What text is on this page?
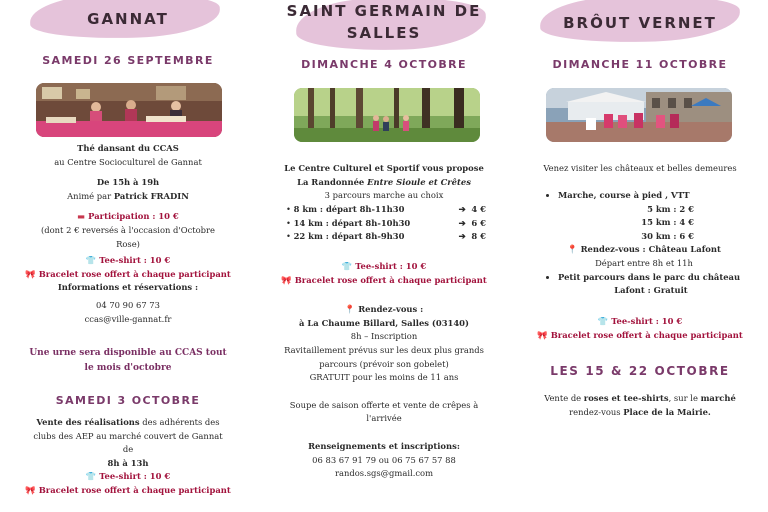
GANNAT
SAMEDI 26 SEPTEMBRE
Thé dansant du CCAS
au Centre Socioculturel de Gannat
De 15h à 19h
Animé par Patrick FRADIN
▬ Participation : 10 €
(dont 2 € reversés à l'occasion d'Octobre Rose)
👕 Tee-shirt : 10 €
🎀 Bracelet rose offert à chaque participant
Informations et réservations :
04 70 90 67 73
ccas@ville-gannat.fr
Une urne sera disponible au CCAS tout le mois d'octobre
SAMEDI 3 OCTOBRE
Vente des réalisations des adhérents des
clubs des AEP au marché couvert de Gannat
de
8h à 13h
👕 Tee-shirt : 10 €
🎀 Bracelet rose offert à chaque participant
SAINT GERMAIN DE
SALLES
DIMANCHE 4 OCTOBRE
Le Centre Culturel et Sportif vous propose
La Randonnée Entre Sioule et Crêtes
3 parcours marche au choix
• 8 km : départ 8h-11h30	➔  4 €
• 14 km : départ 8h-10h30	➔  6 €
• 22 km : départ 8h-9h30	➔  8 €
👕 Tee-shirt : 10 €
🎀 Bracelet rose offert à chaque participant
📍 Rendez-vous :
à La Chaume Billard, Salles (03140)
8h – Inscription
Ravitaillement prévus sur les deux plus grands
parcours (prévoir son gobelet)
GRATUIT pour les moins de 11 ans
Soupe de saison offerte et vente de crêpes à
l'arrivée
Renseignements et inscriptions:
06 83 67 91 79 ou 06 75 67 57 88
randos.sgs@gmail.com
BRÔUT VERNET
DIMANCHE 11 OCTOBRE
Venez visiter les châteaux et belles demeures
• Marche, course à pied , VTT
5 km : 2 €
15 km : 4 €
30 km : 6 €
📍 Rendez-vous : Château Lafont
Départ entre 8h et 11h
• Petit parcours dans le parc du château
Lafont : Gratuit
👕 Tee-shirt : 10 €
🎀 Bracelet rose offert à chaque participant
LES 15 & 22 OCTOBRE
Vente de roses et tee-shirts, sur le marché
rendez-vous Place de la Mairie.
